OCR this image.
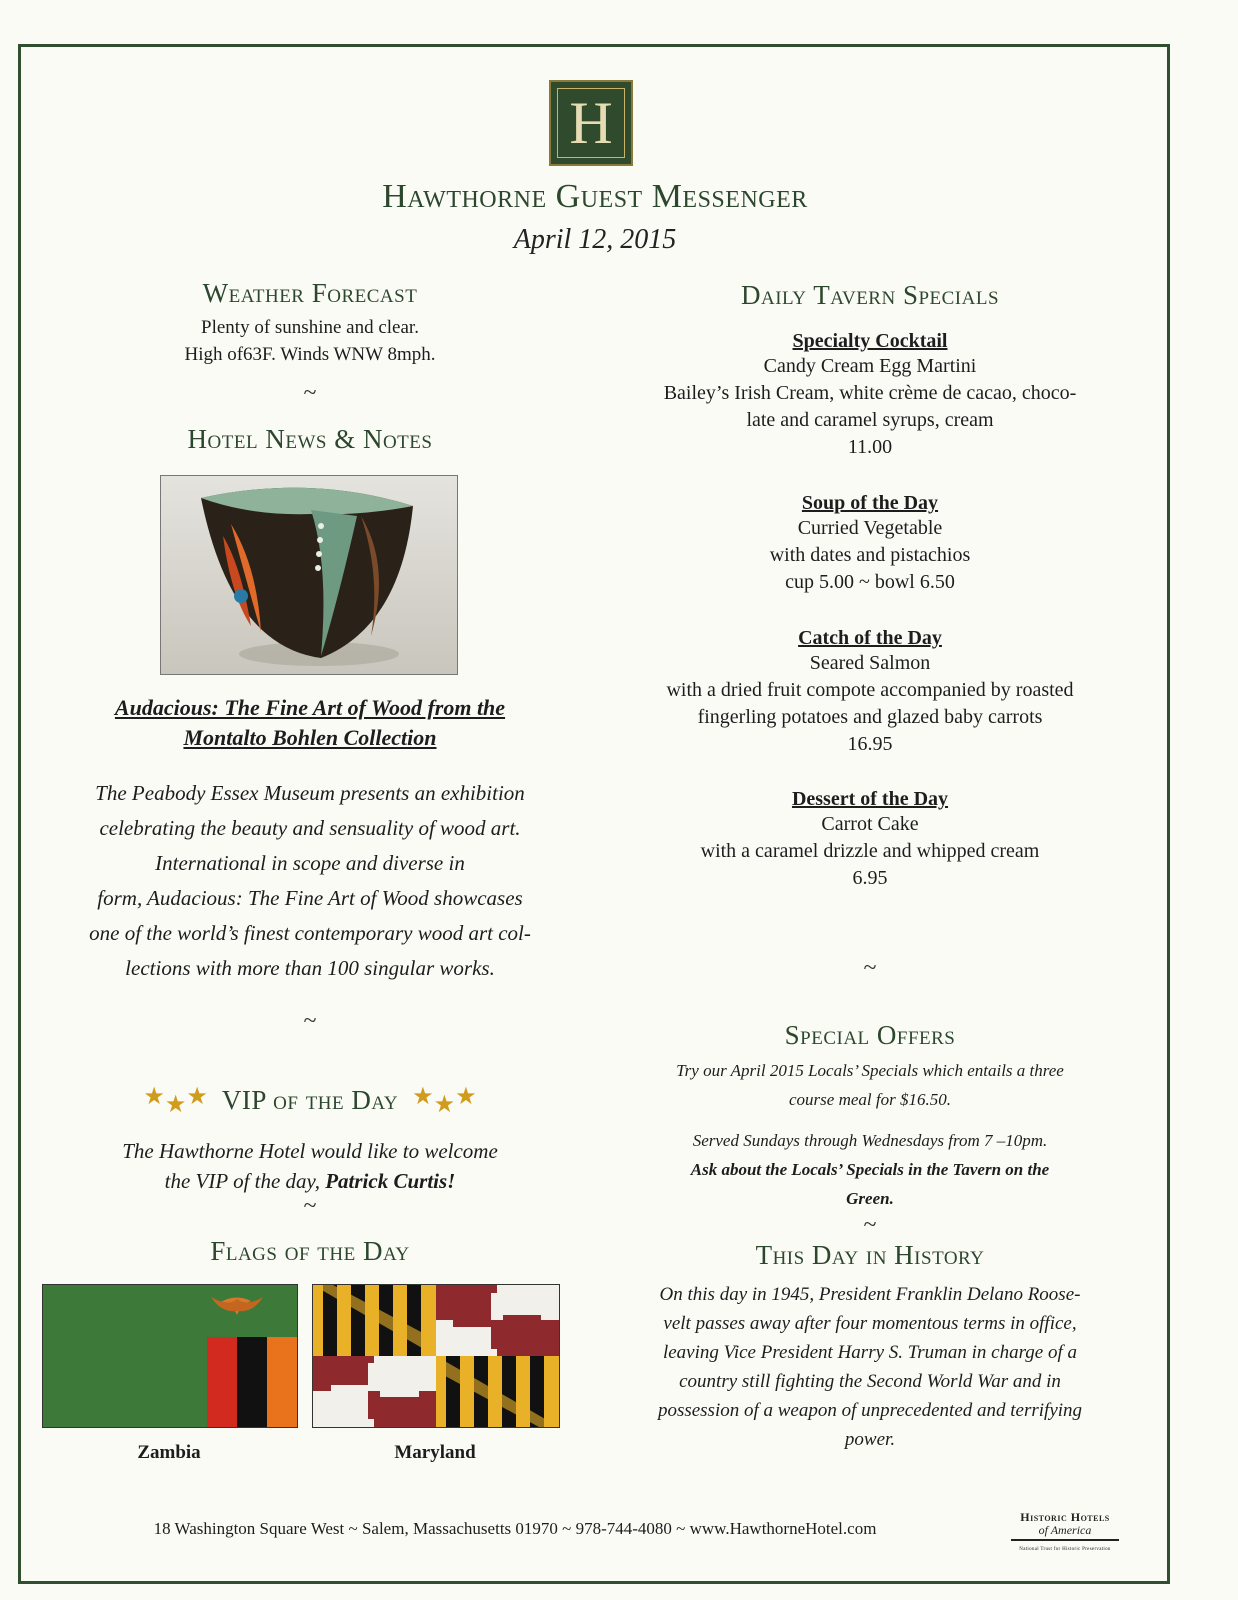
H
Hawthorne Guest Messenger
April 12, 2015
Weather Forecast
Plenty of sunshine and clear.
High of63F. Winds WNW 8mph.
~
Hotel News & Notes
Audacious: The Fine Art of Wood from the
Montalto Bohlen Collection
The Peabody Essex Museum presents an exhibition
celebrating the beauty and sensuality of wood art.
International in scope and diverse in
form, Audacious: The Fine Art of Wood showcases
one of the world’s finest contemporary wood art col-
lections with more than 100 singular works.
~
★ ★ ★ VIP of the Day ★ ★ ★
The Hawthorne Hotel would like to welcome
the VIP of the day, Patrick Curtis!
~
Flags of the Day
Zambia	Maryland
Daily Tavern Specials
Specialty Cocktail
Candy Cream Egg Martini
Bailey’s Irish Cream, white crème de cacao, choco-
late and caramel syrups, cream
11.00
Soup of the Day
Curried Vegetable
with dates and pistachios
cup 5.00 ~ bowl 6.50
Catch of the Day
Seared Salmon
with a dried fruit compote accompanied by roasted
fingerling potatoes and glazed baby carrots
16.95
Dessert of the Day
Carrot Cake
with a caramel drizzle and whipped cream
6.95
~
Special Offers
Try our April 2015 Locals’ Specials which entails a three
course meal for $16.50.
Served Sundays through Wednesdays from 7 –10pm.
Ask about the Locals’ Specials in the Tavern on the
Green.
~
This Day in History
On this day in 1945, President Franklin Delano Roose-
velt passes away after four momentous terms in office,
leaving Vice President Harry S. Truman in charge of a
country still fighting the Second World War and in
possession of a weapon of unprecedented and terrifying
power.
18 Washington Square West ~ Salem, Massachusetts 01970 ~ 978-744-4080 ~ www.HawthorneHotel.com
Historic Hotels
of America
National Trust for Historic Preservation
